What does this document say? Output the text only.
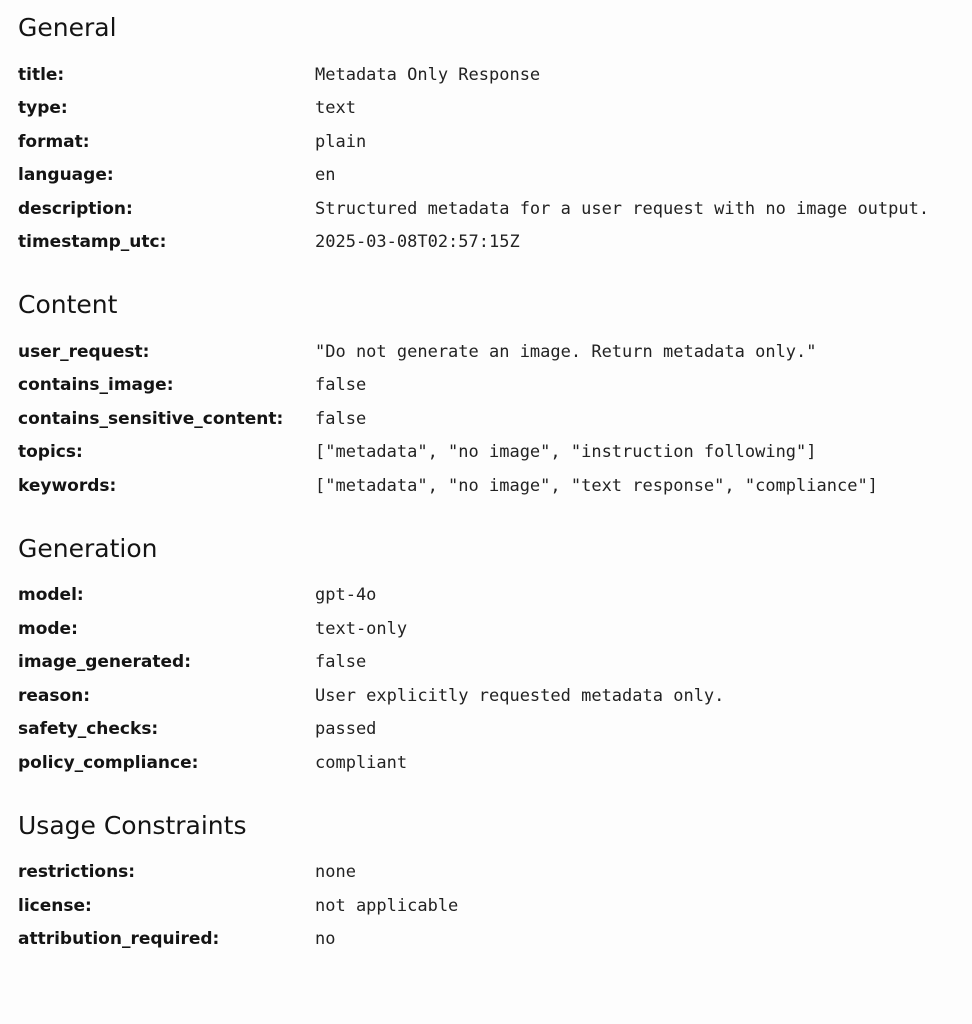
General
title:	Metadata Only Response
type:	text
format:	plain
language:	en
description:	Structured metadata for a user request with no image output.
timestamp_utc:	2025-03-08T02:57:15Z
Content
user_request:	"Do not generate an image. Return metadata only."
contains_image:	false
contains_sensitive_content:	false
topics:	["metadata", "no image", "instruction following"]
keywords:	["metadata", "no image", "text response", "compliance"]
Generation
model:	gpt-4o
mode:	text-only
image_generated:	false
reason:	User explicitly requested metadata only.
safety_checks:	passed
policy_compliance:	compliant
Usage Constraints
restrictions:	none
license:	not applicable
attribution_required:	no
